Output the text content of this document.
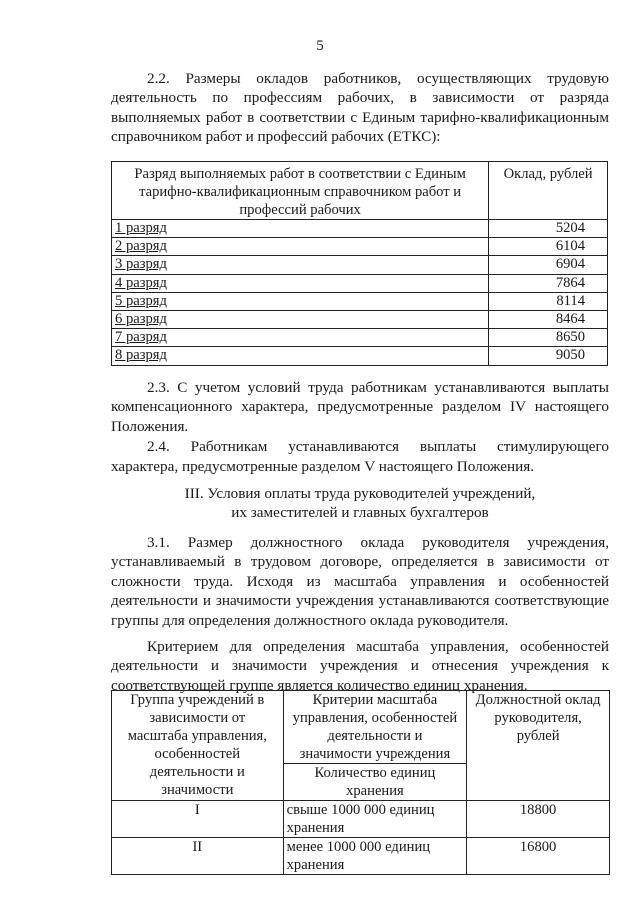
5

2.2. Размеры окладов работников, осуществляющих трудовую деятельность по профессиям рабочих, в зависимости от разряда выполняемых работ в соответствии с Единым тарифно-квалификационным справочником работ и профессий рабочих (ЕТКС):

Разряд выполняемых работ в соответствии с Единым тарифно-квалификационным справочником работ и профессий рабочих	Оклад, рублей
1 разряд	5204
2 разряд	6104
3 разряд	6904
4 разряд	7864
5 разряд	8114
6 разряд	8464
7 разряд	8650
8 разряд	9050

2.3. С учетом условий труда работникам устанавливаются выплаты компенсационного характера, предусмотренные разделом IV настоящего Положения.

2.4. Работникам устанавливаются выплаты стимулирующего характера, предусмотренные разделом V настоящего Положения.

III. Условия оплаты труда руководителей учреждений,

их заместителей и главных бухгалтеров

3.1. Размер должностного оклада руководителя учреждения, устанавливаемый в трудовом договоре, определяется в зависимости от сложности труда. Исходя из масштаба управления и особенностей деятельности и значимости учреждения устанавливаются соответствующие группы для определения должностного оклада руководителя.

Критерием для определения масштаба управления, особенностей деятельности и значимости учреждения и отнесения учреждения к соответствующей группе является количество единиц хранения.

Группа учреждений в зависимости от масштаба управления, особенностей деятельности и значимости	Критерии масштаба управления, особенностей деятельности и значимости учреждения	Должностной оклад руководителя, рублей
	Количество единиц хранения	
I	свыше 1000 000 единиц хранения	18800
II	менее 1000 000 единиц хранения	16800
